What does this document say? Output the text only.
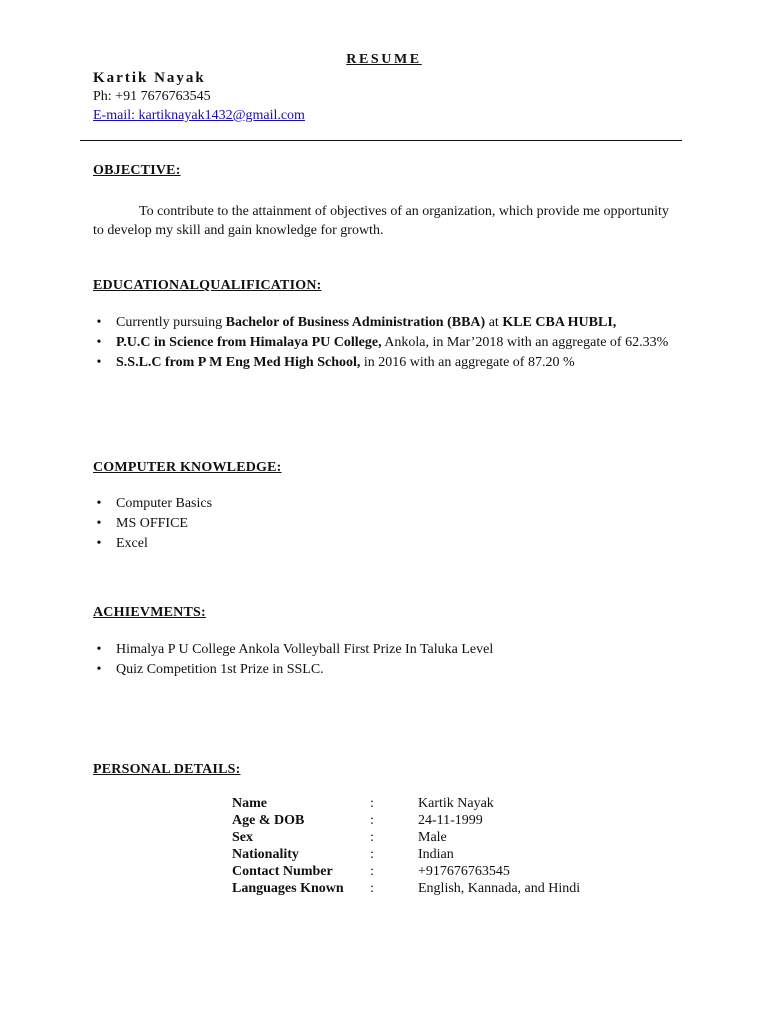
RESUME
Kartik Nayak
Ph: +91 7676763545
E-mail: kartiknayak1432@gmail.com
OBJECTIVE:
To contribute to the attainment of objectives of an organization, which provide me opportunity to develop my skill and gain knowledge for growth.
EDUCATIONALQUALIFICATION:
• Currently pursuing Bachelor of Business Administration (BBA) at KLE CBA HUBLI,
• P.U.C in Science from Himalaya PU College, Ankola, in Mar’2018 with an aggregate of 62.33%
• S.S.L.C from P M Eng Med High School, in 2016 with an aggregate of 87.20 %
COMPUTER KNOWLEDGE:
• Computer Basics
• MS OFFICE
• Excel
ACHIEVMENTS:
• Himalya P U College Ankola Volleyball First Prize In Taluka Level
• Quiz Competition 1st Prize in SSLC.
PERSONAL DETAILS:
Name	:	Kartik Nayak
Age & DOB	:	24-11-1999
Sex	:	Male
Nationality	:	Indian
Contact Number	:	+917676763545
Languages Known	:	English, Kannada, and Hindi
